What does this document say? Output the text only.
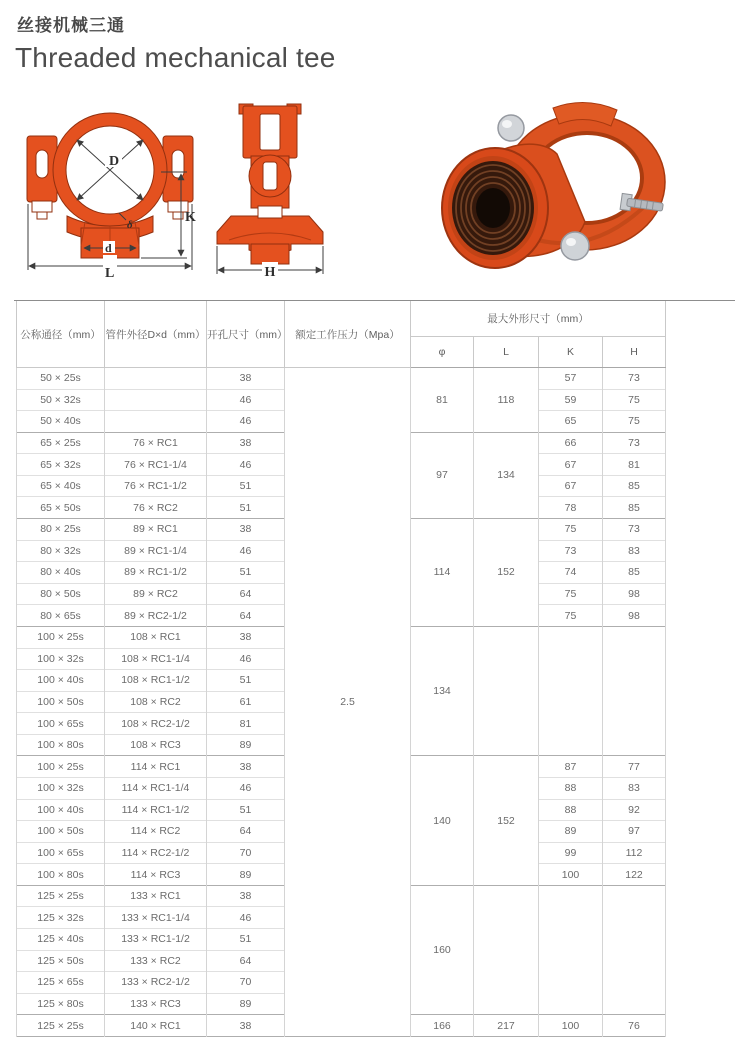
丝接机械三通
Threaded mechanical tee
D
K
L
d
δ
H
公称通径（mm）	管件外径D×d（mm）	开孔尺寸（mm）	额定工作压力（Mpa）	最大外形尺寸（mm）			
				φ	L	K	H
50 × 25s		38	2.5	81	118	57	73
50 × 32s		46				59	75
50 × 40s		46				65	75
65 × 25s	76 × RC1	38		97	134	66	73
65 × 32s	76 × RC1-1/4	46				67	81
65 × 40s	76 × RC1-1/2	51				67	85
65 × 50s	76 × RC2	51				78	85
80 × 25s	89 × RC1	38		114	152	75	73
80 × 32s	89 × RC1-1/4	46				73	83
80 × 40s	89 × RC1-1/2	51				74	85
80 × 50s	89 × RC2	64				75	98
80 × 65s	89 × RC2-1/2	64				75	98
100 × 25s	108 × RC1	38		134			
100 × 32s	108 × RC1-1/4	46					
100 × 40s	108 × RC1-1/2	51					
100 × 50s	108 × RC2	61					
100 × 65s	108 × RC2-1/2	81					
100 × 80s	108 × RC3	89					
100 × 25s	114 × RC1	38		140	152	87	77
100 × 32s	114 × RC1-1/4	46				88	83
100 × 40s	114 × RC1-1/2	51				88	92
100 × 50s	114 × RC2	64				89	97
100 × 65s	114 × RC2-1/2	70				99	112
100 × 80s	114 × RC3	89				100	122
125 × 25s	133 × RC1	38		160			
125 × 32s	133 × RC1-1/4	46					
125 × 40s	133 × RC1-1/2	51					
125 × 50s	133 × RC2	64					
125 × 65s	133 × RC2-1/2	70					
125 × 80s	133 × RC3	89					
125 × 25s	140 × RC1	38		166	217	100	76
